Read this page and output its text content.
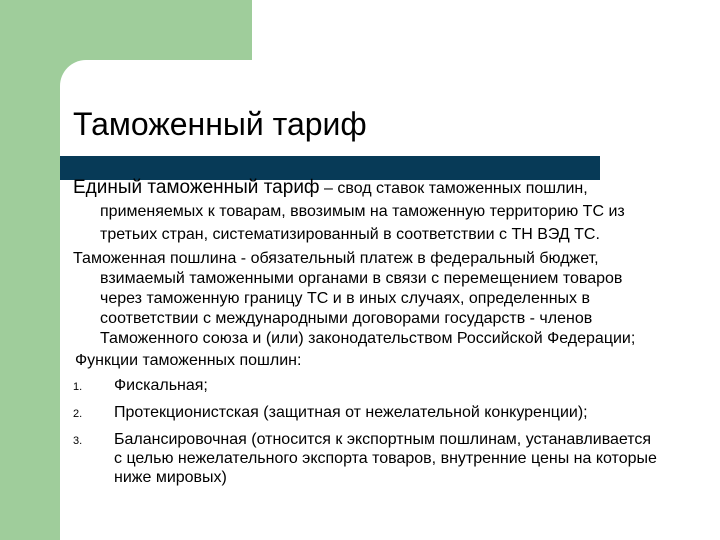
Таможенный тариф

Единый таможенный тариф – свод ставок таможенных пошлин, применяемых к товарам, ввозимым на таможенную территорию ТС из третьих стран, систематизированный в соответствии с ТН ВЭД ТС.

Таможенная пошлина - обязательный платеж в федеральный бюджет, взимаемый таможенными органами в связи с перемещением товаров через таможенную границу ТС и в иных случаях, определенных в соответствии с международными договорами государств - членов Таможенного союза и (или) законодательством Российской Федерации;

Функции таможенных пошлин:

1. Фискальная;
2. Протекционистская (защитная от нежелательной конкуренции);
3. Балансировочная (относится к экспортным пошлинам, устанавливается с целью нежелательного экспорта товаров, внутренние цены на которые ниже мировых)
